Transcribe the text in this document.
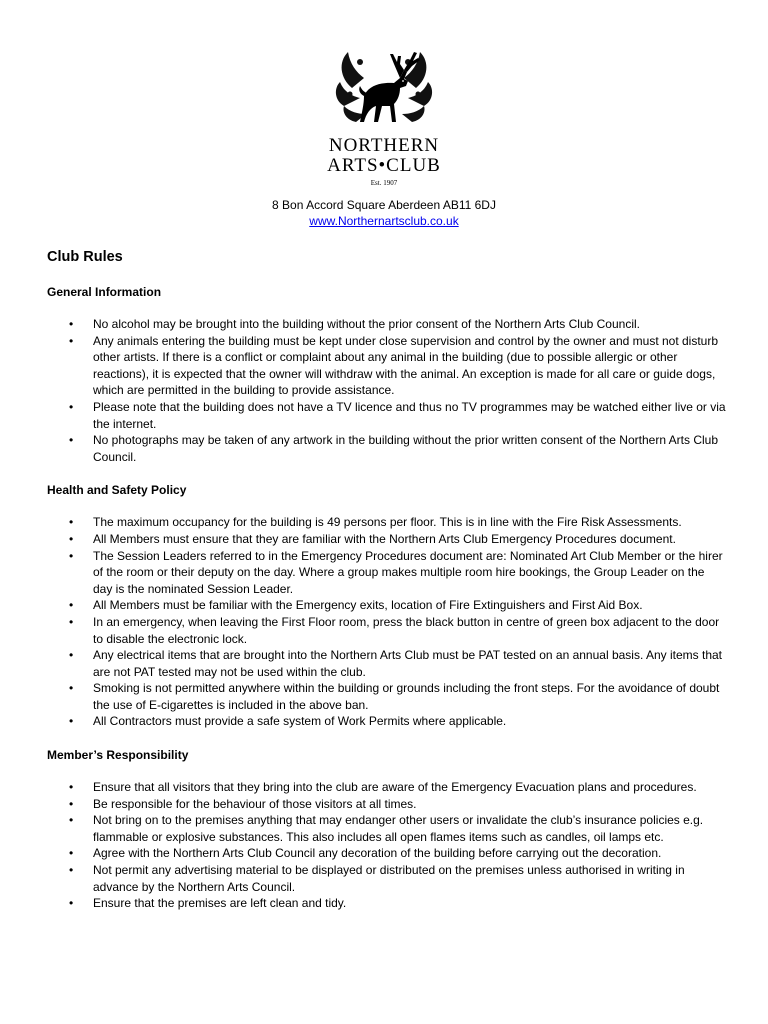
NORTHERN
ARTS•CLUB
Est. 1907
8 Bon Accord Square Aberdeen AB11 6DJ
www.Northernartsclub.co.uk
Club Rules
General Information
•	No alcohol may be brought into the building without the prior consent of the Northern Arts Club Council.
•	Any animals entering the building must be kept under close supervision and control by the owner and must not disturb other artists. If there is a conflict or complaint about any animal in the building (due to possible allergic or other reactions), it is expected that the owner will withdraw with the animal. An exception is made for all care or guide dogs, which are permitted in the building to provide assistance.
•	Please note that the building does not have a TV licence and thus no TV programmes may be watched either live or via the internet.
•	No photographs may be taken of any artwork in the building without the prior written consent of the Northern Arts Club Council.
Health and Safety Policy
•	The maximum occupancy for the building is 49 persons per floor. This is in line with the Fire Risk Assessments.
•	All Members must ensure that they are familiar with the Northern Arts Club Emergency Procedures document.
•	The Session Leaders referred to in the Emergency Procedures document are: Nominated Art Club Member or the hirer of the room or their deputy on the day. Where a group makes multiple room hire bookings, the Group Leader on the day is the nominated Session Leader.
•	All Members must be familiar with the Emergency exits, location of Fire Extinguishers and First Aid Box.
•	In an emergency, when leaving the First Floor room, press the black button in centre of green box adjacent to the door to disable the electronic lock.
•	Any electrical items that are brought into the Northern Arts Club must be PAT tested on an annual basis. Any items that are not PAT tested may not be used within the club.
•	Smoking is not permitted anywhere within the building or grounds including the front steps. For the avoidance of doubt the use of E-cigarettes is included in the above ban.
•	All Contractors must provide a safe system of Work Permits where applicable.
Member’s Responsibility
•	Ensure that all visitors that they bring into the club are aware of the Emergency Evacuation plans and procedures.
•	Be responsible for the behaviour of those visitors at all times.
•	Not bring on to the premises anything that may endanger other users or invalidate the club’s insurance policies e.g. flammable or explosive substances. This also includes all open flames items such as candles, oil lamps etc.
•	Agree with the Northern Arts Club Council any decoration of the building before carrying out the decoration.
•	Not permit any advertising material to be displayed or distributed on the premises unless authorised in writing in advance by the Northern Arts Council.
•	Ensure that the premises are left clean and tidy.
